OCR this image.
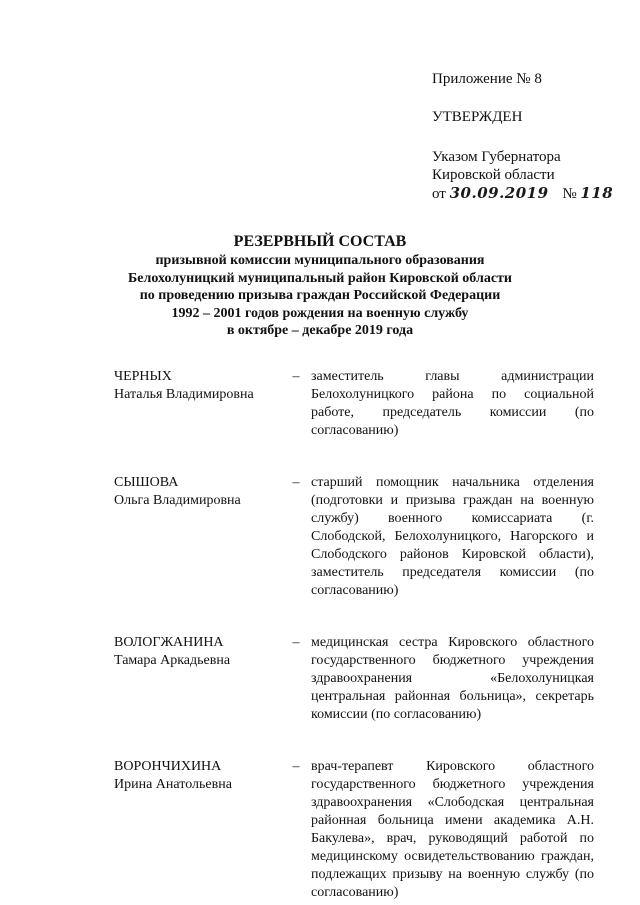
Приложение № 8
УТВЕРЖДЕН
Указом Губернатора
Кировской области
от 30.09.2019 № 118
РЕЗЕРВНЫЙ СОСТАВ
призывной комиссии муниципального образования
Белохолуницкий муниципальный район Кировской области
по проведению призыва граждан Российской Федерации
1992 – 2001 годов рождения на военную службу
в октябре – декабре 2019 года
ЧЕРНЫХ
Наталья Владимировна
– заместитель главы администрации Белохолуницкого района по социальной работе, председатель комиссии (по согласованию)
СЫШОВА
Ольга Владимировна
– старший помощник начальника отделения (подготовки и призыва граждан на военную службу) военного комиссариата (г. Слободской, Белохолуницкого, Нагорского и Слободского районов Кировской области), заместитель председателя комиссии (по согласованию)
ВОЛОГЖАНИНА
Тамара Аркадьевна
– медицинская сестра Кировского областного государственного бюджетного учреждения здравоохранения «Белохолуницкая центральная районная больница», секретарь комиссии (по согласованию)
ВОРОНЧИХИНА
Ирина Анатольевна
– врач-терапевт Кировского областного государственного бюджетного учреждения здравоохранения «Слободская центральная районная больница имени академика А.Н. Бакулева», врач, руководящий работой по медицинскому освидетельствованию граждан, подлежащих призыву на военную службу (по согласованию)
